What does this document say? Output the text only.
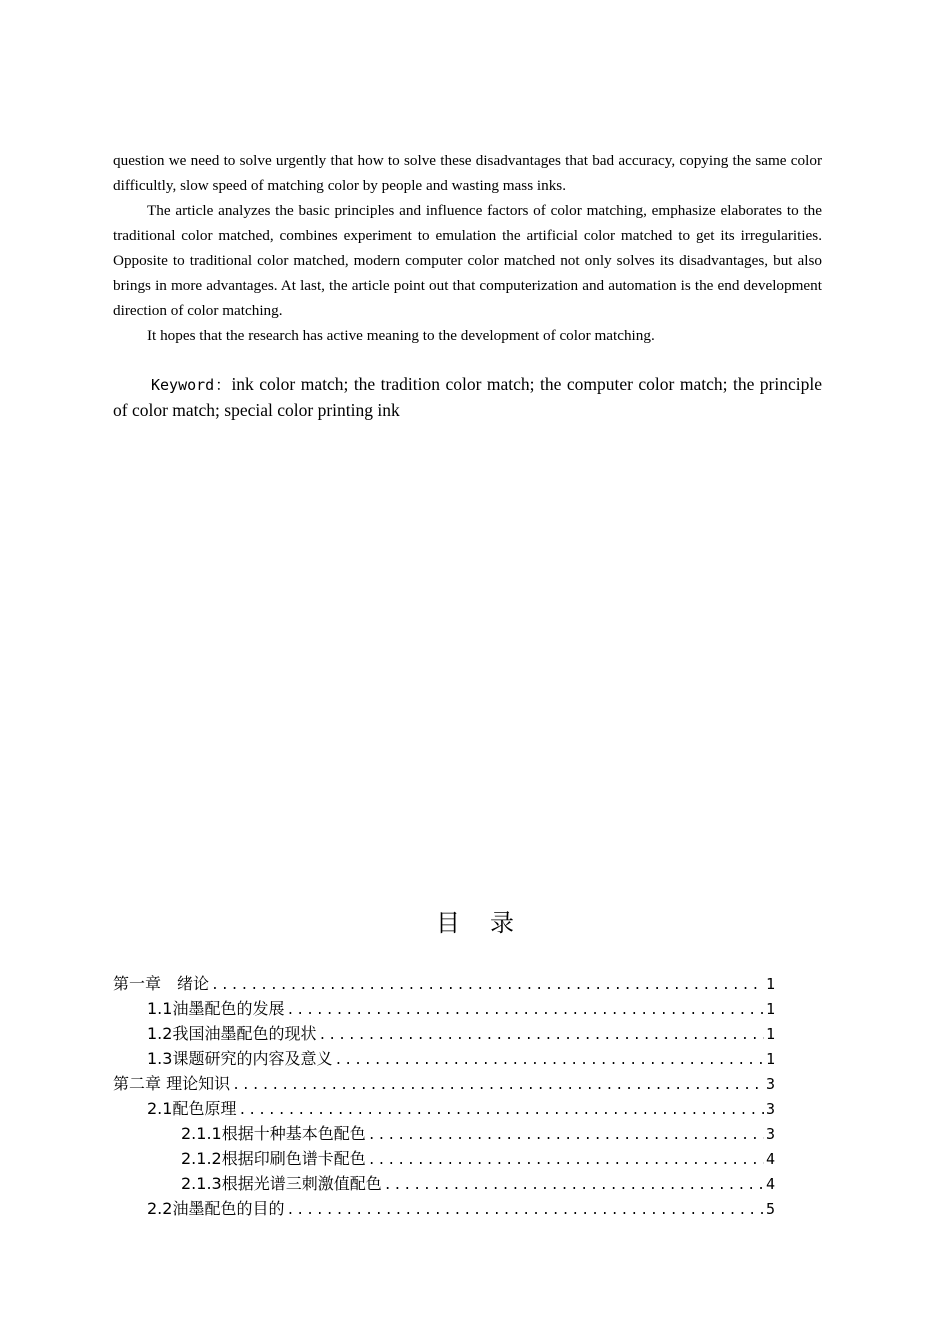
question we need to solve urgently that how to solve these disadvantages that bad accuracy, copying the same color difficultly, slow speed of matching color by people and wasting mass inks.

The article analyzes the basic principles and influence factors of color matching, emphasize elaborates to the traditional color matched, combines experiment to emulation the artificial color matched to get its irregularities. Opposite to traditional color matched, modern computer color matched not only solves its disadvantages, but also brings in more advantages. At last, the article point out that computerization and automation is the end development direction of color matching.

It hopes that the research has active meaning to the development of color matching.

Keyword：ink color match; the tradition color match; the computer color match; the principle of color match; special color printing ink
目录
第一章　绪论 .....	1
1.1油墨配色的发展 .....	1
1.2我国油墨配色的现状 .....	1
1.3课题研究的内容及意义 .....	1
第二章 理论知识 .....	3
2.1配色原理 .....	3
2.1.1根据十种基本色配色 .....	3
2.1.2根据印刷色谱卡配色 .....	4
2.1.3根据光谱三刺激值配色 .....	4
2.2油墨配色的目的 .....	5
